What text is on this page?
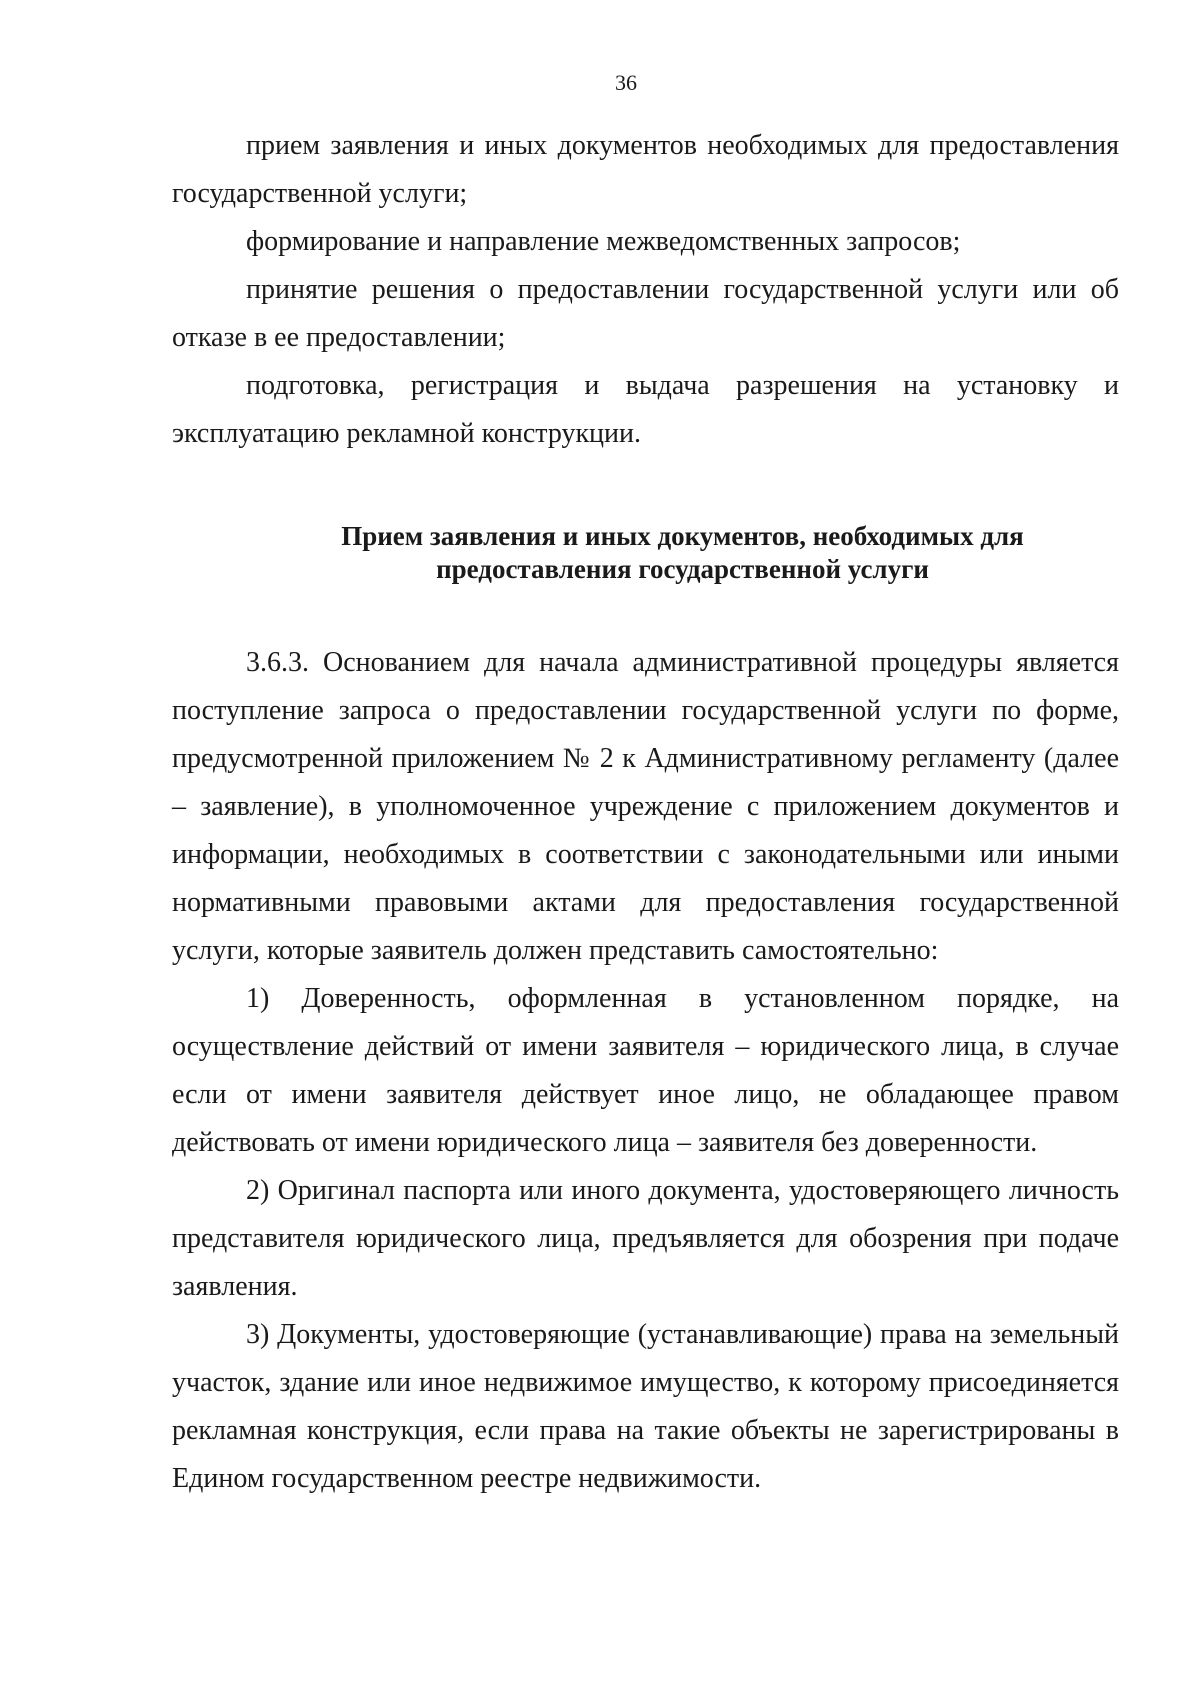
36

прием заявления и иных документов необходимых для предоставления государственной услуги;

формирование и направление межведомственных запросов;

принятие решения о предоставлении государственной услуги или об отказе в ее предоставлении;

подготовка, регистрация и выдача разрешения на установку и эксплуатацию рекламной конструкции.

Прием заявления и иных документов, необходимых для
предоставления государственной услуги

3.6.3. Основанием для начала административной процедуры является поступление запроса о предоставлении государственной услуги по форме, предусмотренной приложением № 2 к Административному регламенту (далее – заявление), в уполномоченное учреждение с приложением документов и информации, необходимых в соответствии с законодательными или иными нормативными правовыми актами для предоставления государственной услуги, которые заявитель должен представить самостоятельно:

1) Доверенность, оформленная в установленном порядке, на осуществление действий от имени заявителя – юридического лица, в случае если от имени заявителя действует иное лицо, не обладающее правом действовать от имени юридического лица – заявителя без доверенности.

2) Оригинал паспорта или иного документа, удостоверяющего личность представителя юридического лица, предъявляется для обозрения при подаче заявления.

3) Документы, удостоверяющие (устанавливающие) права на земельный участок, здание или иное недвижимое имущество, к которому присоединяется рекламная конструкция, если права на такие объекты не зарегистрированы в Едином государственном реестре недвижимости.
